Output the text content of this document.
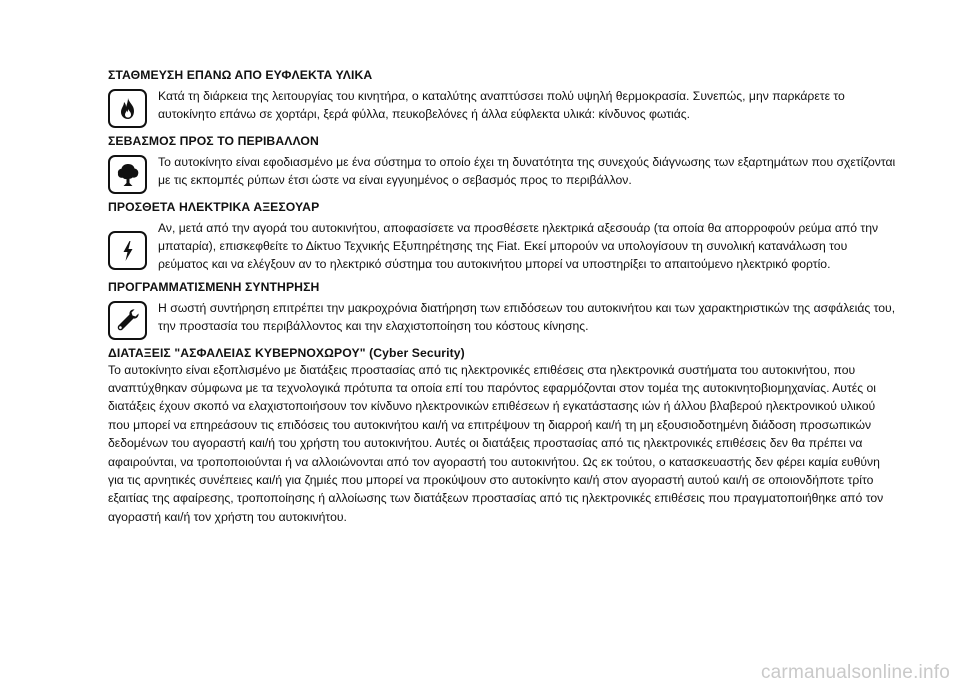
ΣΤΑΘΜΕΥΣΗ ΕΠΑΝΩ ΑΠΟ ΕΥΦΛΕΚΤΑ ΥΛΙΚΑ

Κατά τη διάρκεια της λειτουργίας του κινητήρα, ο καταλύτης αναπτύσσει πολύ υψηλή θερμοκρασία. Συνεπώς, μην παρκάρετε το αυτοκίνητο επάνω σε χορτάρι, ξερά φύλλα, πευκοβελόνες ή άλλα εύφλεκτα υλικά: κίνδυνος φωτιάς.

ΣΕΒΑΣΜΟΣ ΠΡΟΣ ΤΟ ΠΕΡΙΒΑΛΛΟΝ

Το αυτοκίνητο είναι εφοδιασμένο με ένα σύστημα το οποίο έχει τη δυνατότητα της συνεχούς διάγνωσης των εξαρτημάτων που σχετίζονται με τις εκπομπές ρύπων έτσι ώστε να είναι εγγυημένος ο σεβασμός προς το περιβάλλον.

ΠΡΟΣΘΕΤΑ ΗΛΕΚΤΡΙΚΑ ΑΞΕΣΟΥΑΡ

Αν, μετά από την αγορά του αυτοκινήτου, αποφασίσετε να προσθέσετε ηλεκτρικά αξεσουάρ (τα οποία θα απορροφούν ρεύμα από την μπαταρία), επισκεφθείτε το Δίκτυο Τεχνικής Εξυπηρέτησης της Fiat. Εκεί μπορούν να υπολογίσουν τη συνολική κατανάλωση του ρεύματος και να ελέγξουν αν το ηλεκτρικό σύστημα του αυτοκινήτου μπορεί να υποστηρίξει το απαιτούμενο ηλεκτρικό φορτίο.

ΠΡΟΓΡΑΜΜΑΤΙΣΜΕΝΗ ΣΥΝΤΗΡΗΣΗ

Η σωστή συντήρηση επιτρέπει την μακροχρόνια διατήρηση των επιδόσεων του αυτοκινήτου και των χαρακτηριστικών της ασφάλειάς του, την προστασία του περιβάλλοντος και την ελαχιστοποίηση του κόστους κίνησης.

ΔΙΑΤΑΞΕΙΣ "ΑΣΦΑΛΕΙΑΣ ΚΥΒΕΡΝΟΧΩΡΟΥ" (Cyber Security)

Το αυτοκίνητο είναι εξοπλισμένο με διατάξεις προστασίας από τις ηλεκτρονικές επιθέσεις στα ηλεκτρονικά συστήματα του αυτοκινήτου, που αναπτύχθηκαν σύμφωνα με τα τεχνολογικά πρότυπα τα οποία επί του παρόντος εφαρμόζονται στον τομέα της αυτοκινητοβιομηχανίας. Αυτές οι διατάξεις έχουν σκοπό να ελαχιστοποιήσουν τον κίνδυνο ηλεκτρονικών επιθέσεων ή εγκατάστασης ιών ή άλλου βλαβερού ηλεκτρονικού υλικού που μπορεί να επηρεάσουν τις επιδόσεις του αυτοκινήτου και/ή να επιτρέψουν τη διαρροή και/ή τη μη εξουσιοδοτημένη διάδοση προσωπικών δεδομένων του αγοραστή και/ή του χρήστη του αυτοκινήτου. Αυτές οι διατάξεις προστασίας από τις ηλεκτρονικές επιθέσεις δεν θα πρέπει να αφαιρούνται, να τροποποιούνται ή να αλλοιώνονται από τον αγοραστή του αυτοκινήτου. Ως εκ τούτου, ο κατασκευαστής δεν φέρει καμία ευθύνη για τις αρνητικές συνέπειες και/ή για ζημιές που μπορεί να προκύψουν στο αυτοκίνητο και/ή στον αγοραστή αυτού και/ή σε οποιονδήποτε τρίτο εξαιτίας της αφαίρεσης, τροποποίησης ή αλλοίωσης των διατάξεων προστασίας από τις ηλεκτρονικές επιθέσεις που πραγματοποιήθηκε από τον αγοραστή και/ή τον χρήστη του αυτοκινήτου.

carmanualsonline.info
